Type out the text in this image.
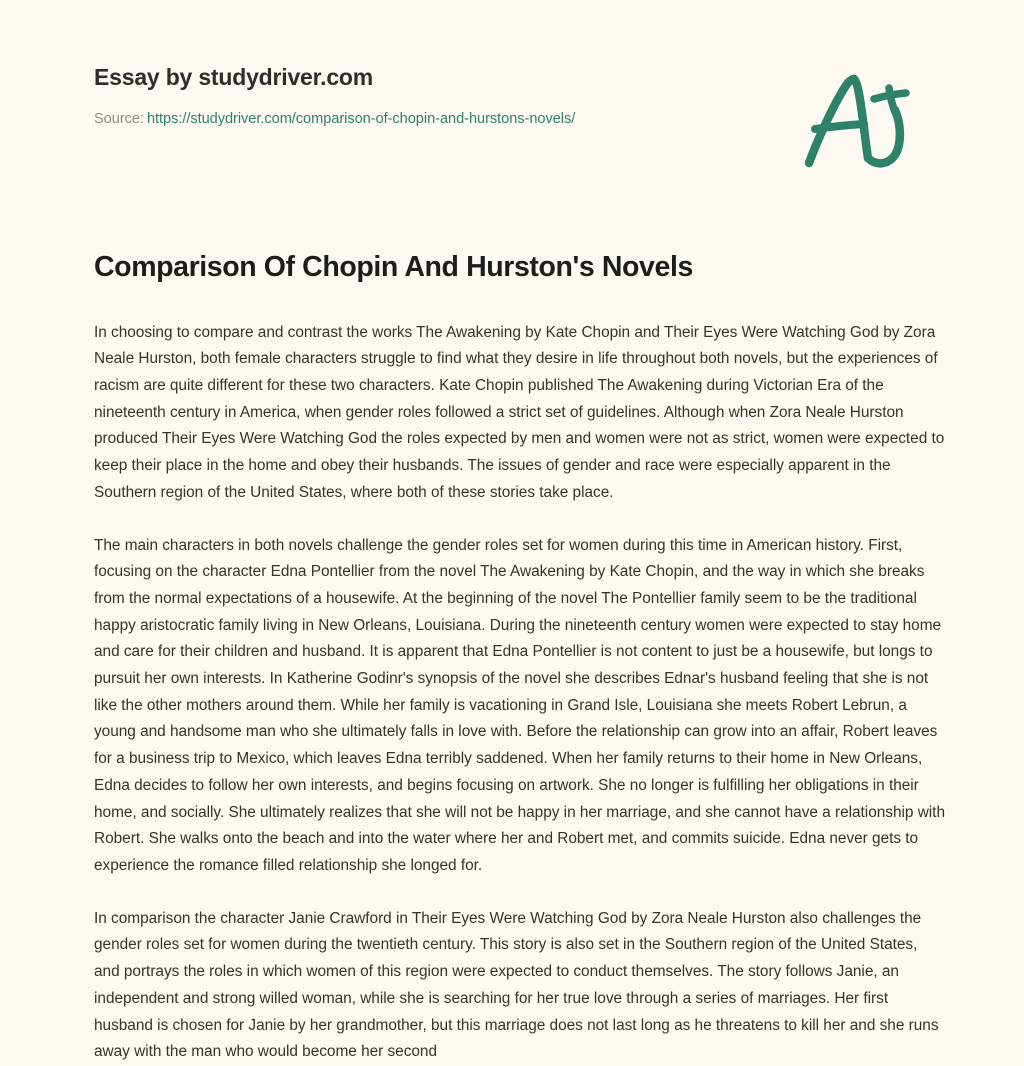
Essay by studydriver.com
Source: https://studydriver.com/comparison-of-chopin-and-hurstons-novels/
Comparison Of Chopin And Hurston's Novels

In choosing to compare and contrast the works The Awakening by Kate Chopin and Their Eyes Were Watching God by Zora Neale Hurston, both female characters struggle to find what they desire in life throughout both novels, but the experiences of racism are quite different for these two characters. Kate Chopin published The Awakening during Victorian Era of the nineteenth century in America, when gender roles followed a strict set of guidelines. Although when Zora Neale Hurston produced Their Eyes Were Watching God the roles expected by men and women were not as strict, women were expected to keep their place in the home and obey their husbands. The issues of gender and race were especially apparent in the Southern region of the United States, where both of these stories take place.

The main characters in both novels challenge the gender roles set for women during this time in American history. First, focusing on the character Edna Pontellier from the novel The Awakening by Kate Chopin, and the way in which she breaks from the normal expectations of a housewife. At the beginning of the novel The Pontellier family seem to be the traditional happy aristocratic family living in New Orleans, Louisiana. During the nineteenth century women were expected to stay home and care for their children and husband. It is apparent that Edna Pontellier is not content to just be a housewife, but longs to pursuit her own interests. In Katherine Godinr's synopsis of the novel she describes Ednar's husband feeling that she is not like the other mothers around them. While her family is vacationing in Grand Isle, Louisiana she meets Robert Lebrun, a young and handsome man who she ultimately falls in love with. Before the relationship can grow into an affair, Robert leaves for a business trip to Mexico, which leaves Edna terribly saddened. When her family returns to their home in New Orleans, Edna decides to follow her own interests, and begins focusing on artwork. She no longer is fulfilling her obligations in their home, and socially. She ultimately realizes that she will not be happy in her marriage, and she cannot have a relationship with Robert. She walks onto the beach and into the water where her and Robert met, and commits suicide. Edna never gets to experience the romance filled relationship she longed for.

In comparison the character Janie Crawford in Their Eyes Were Watching God by Zora Neale Hurston also challenges the gender roles set for women during the twentieth century. This story is also set in the Southern region of the United States, and portrays the roles in which women of this region were expected to conduct themselves. The story follows Janie, an independent and strong willed woman, while she is searching for her true love through a series of marriages. Her first husband is chosen for Janie by her grandmother, but this marriage does not last long as he threatens to kill her and she runs away with the man who would become her second
